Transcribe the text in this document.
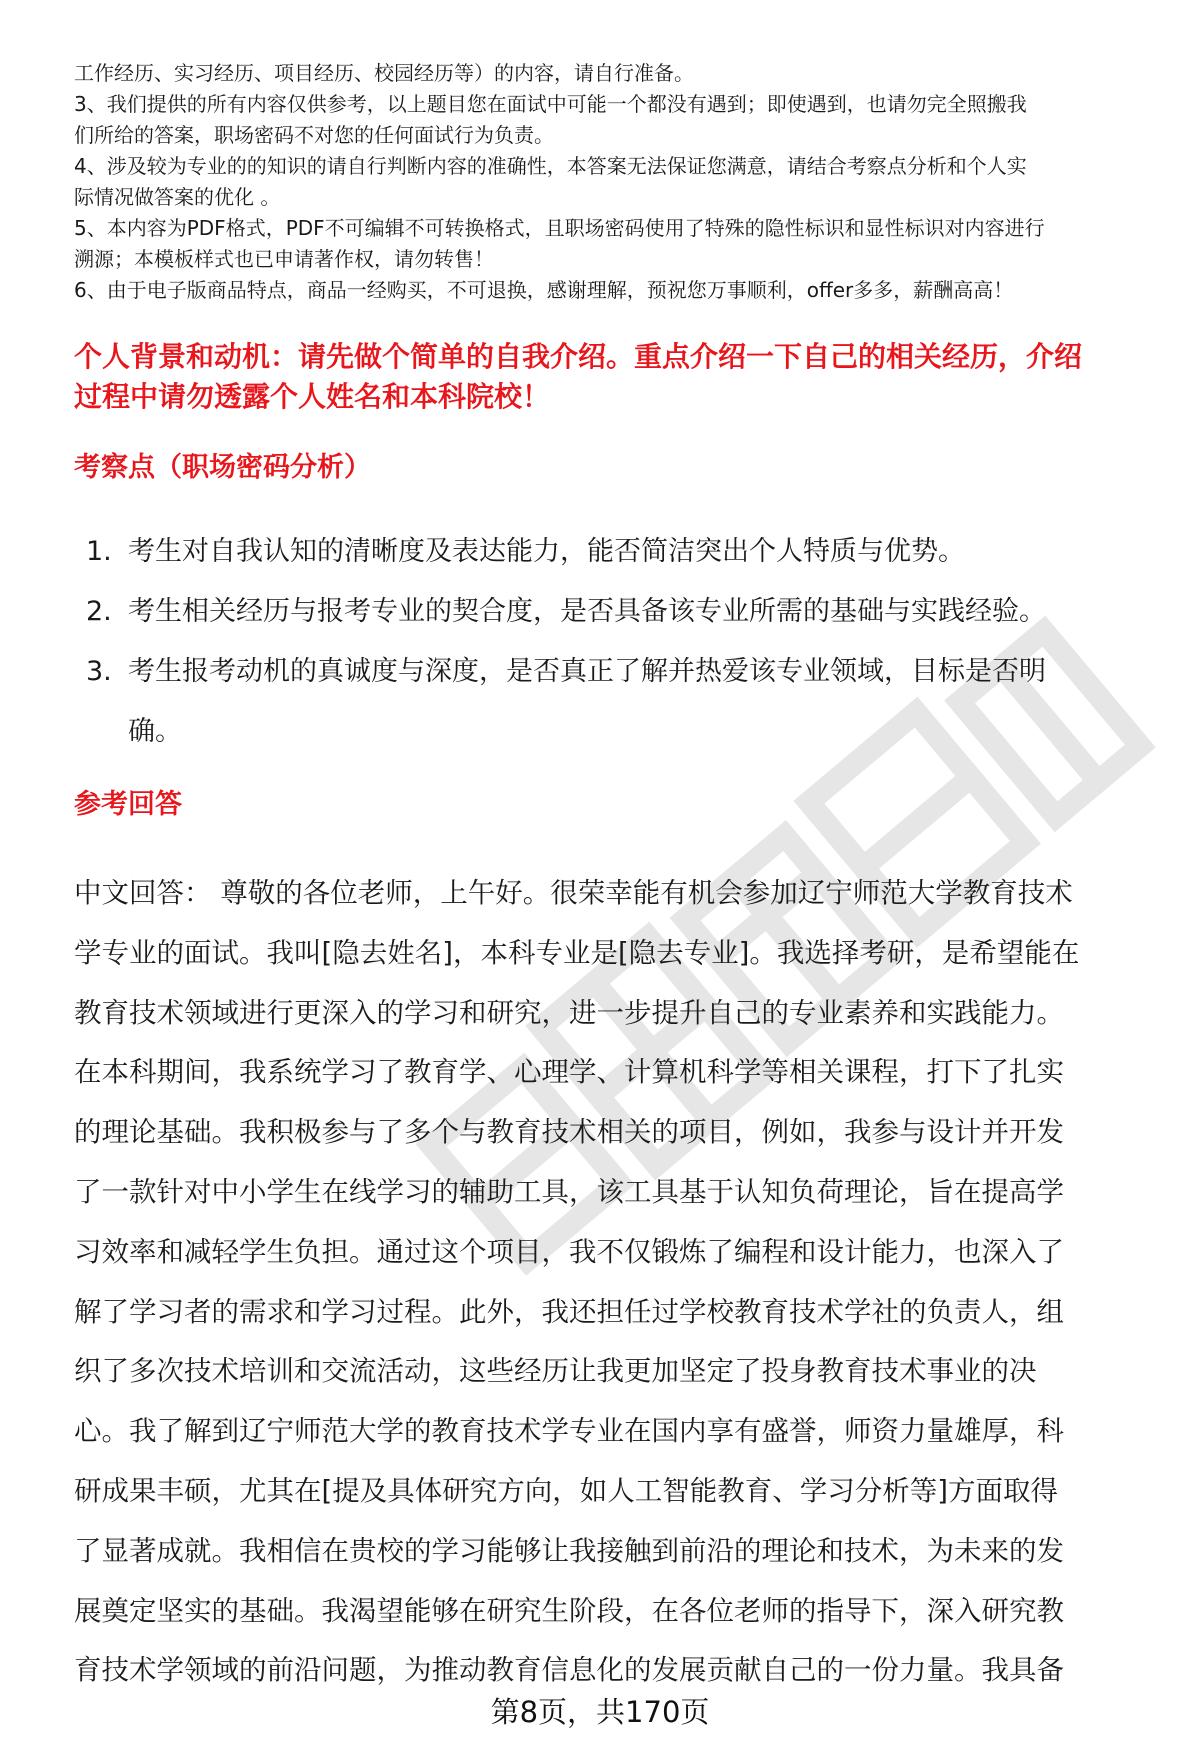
工作经历、实习经历、项目经历、校园经历等）的内容，请自行准备。
3、我们提供的所有内容仅供参考，以上题目您在面试中可能一个都没有遇到；即使遇到，也请勿完全照搬我
们所给的答案，职场密码不对您的任何面试行为负责。
4、涉及较为专业的的知识的请自行判断内容的准确性，本答案无法保证您满意，请结合考察点分析和个人实
际情况做答案的优化 。
5、本内容为PDF格式，PDF不可编辑不可转换格式，且职场密码使用了特殊的隐性标识和显性标识对内容进行
溯源；本模板样式也已申请著作权，请勿转售！
6、由于电子版商品特点，商品一经购买，不可退换，感谢理解，预祝您万事顺利，offer多多，薪酬高高！
个人背景和动机：请先做个简单的自我介绍。重点介绍一下自己的相关经历，介绍
过程中请勿透露个人姓名和本科院校！
考察点（职场密码分析）
1. 考生对自我认知的清晰度及表达能力，能否简洁突出个人特质与优势。
2. 考生相关经历与报考专业的契合度，是否具备该专业所需的基础与实践经验。
3. 考生报考动机的真诚度与深度，是否真正了解并热爱该专业领域，目标是否明
确。
参考回答
中文回答： 尊敬的各位老师，上午好。很荣幸能有机会参加辽宁师范大学教育技术
学专业的面试。我叫[隐去姓名]，本科专业是[隐去专业]。我选择考研，是希望能在
教育技术领域进行更深入的学习和研究，进一步提升自己的专业素养和实践能力。
在本科期间，我系统学习了教育学、心理学、计算机科学等相关课程，打下了扎实
的理论基础。我积极参与了多个与教育技术相关的项目，例如，我参与设计并开发
了一款针对中小学生在线学习的辅助工具，该工具基于认知负荷理论，旨在提高学
习效率和减轻学生负担。通过这个项目，我不仅锻炼了编程和设计能力，也深入了
解了学习者的需求和学习过程。此外，我还担任过学校教育技术学社的负责人，组
织了多次技术培训和交流活动，这些经历让我更加坚定了投身教育技术事业的决
心。我了解到辽宁师范大学的教育技术学专业在国内享有盛誉，师资力量雄厚，科
研成果丰硕，尤其在[提及具体研究方向，如人工智能教育、学习分析等]方面取得
了显著成就。我相信在贵校的学习能够让我接触到前沿的理论和技术，为未来的发
展奠定坚实的基础。我渴望能够在研究生阶段，在各位老师的指导下，深入研究教
育技术学领域的前沿问题，为推动教育信息化的发展贡献自己的一份力量。我具备
第8页，共170页
